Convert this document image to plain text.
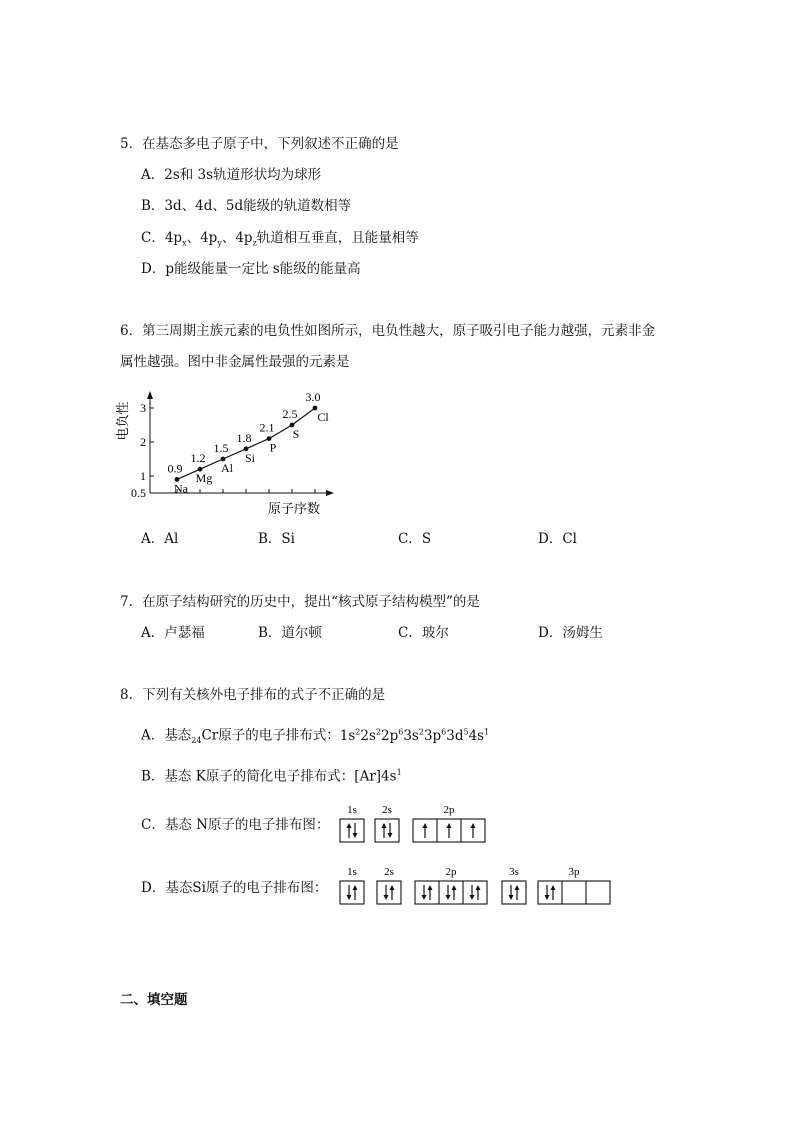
5．在基态多电子原子中，下列叙述不正确的是
A．2s和 3s轨道形状均为球形
B．3d、4d、5d能级的轨道数相等
C．$4p_x$、$4p_y$、$4p_z$轨道相互垂直，且能量相等
D．p能级能量一定比 s能级的能量高
6．第三周期主族元素的电负性如图所示，电负性越大，原子吸引电子能力越强，元素非金
属性越强。图中非金属性最强的元素是
0.5
1
2
3
电负性
原子序数
0.9
Na
1.2
Mg
1.5
Al
1.8
Si
2.1
P
2.5
S
3.0
Cl
A．Al	B．Si	C．S	D．Cl
7．在原子结构研究的历史中，提出“核式原子结构模型”的是
A．卢瑟福	B．道尔顿	C．玻尔	D．汤姆生
8．下列有关核外电子排布的式子不正确的是
A．基态$_{24}$Cr原子的电子排布式：$1s^22s^22p^63s^23p^63d^54s^1$
B．基态 K原子的简化电子排布式：$[Ar]4s^1$
C．基态 N原子的电子排布图：
1s 2s	2p
D．基态Si原子的电子排布图：
1s 2s	2p	3s	3p
二、填空题
